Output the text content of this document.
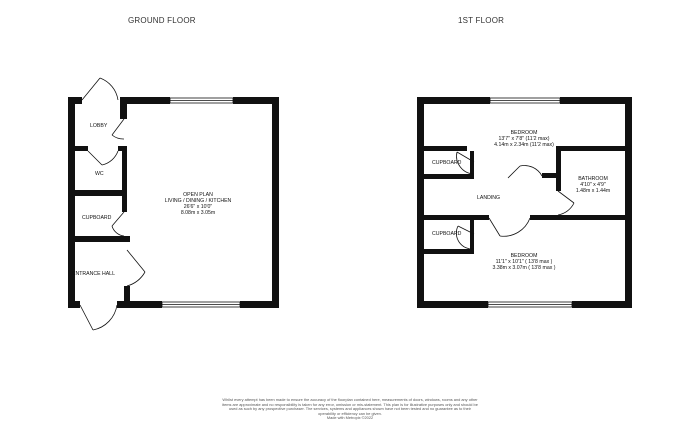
GROUND FLOOR	1ST FLOOR
LOBBY
WC
CUPBOARD
ENTRANCE HALL
OPEN PLAN
LIVING / DINING / KITCHEN
26'6" x 10'0"
8.08m x 3.05m
BEDROOM
13'7" x 7'8" (11'2 max)
4.14m x 2.34m (11'2 max)
CUPBOARD
BATHROOM
4'10" x 4'9"
1.48m x 1.44m
LANDING
CUPBOARD
BEDROOM
11'1" x 10'1" ( 13'8 max )
3.38m x 3.07m ( 13'8 max )
Whilst every attempt has been made to ensure the accuracy of the floorplan contained here, measurements of doors, windows, rooms and any other items are approximate and no responsibility is taken for any error, omission or mis-statement. This plan is for illustrative purposes only and should be used as such by any prospective purchaser. The services, systems and appliances shown have not been tested and no guarantee as to their operability or efficiency can be given.
Made with Metropix ©2022
